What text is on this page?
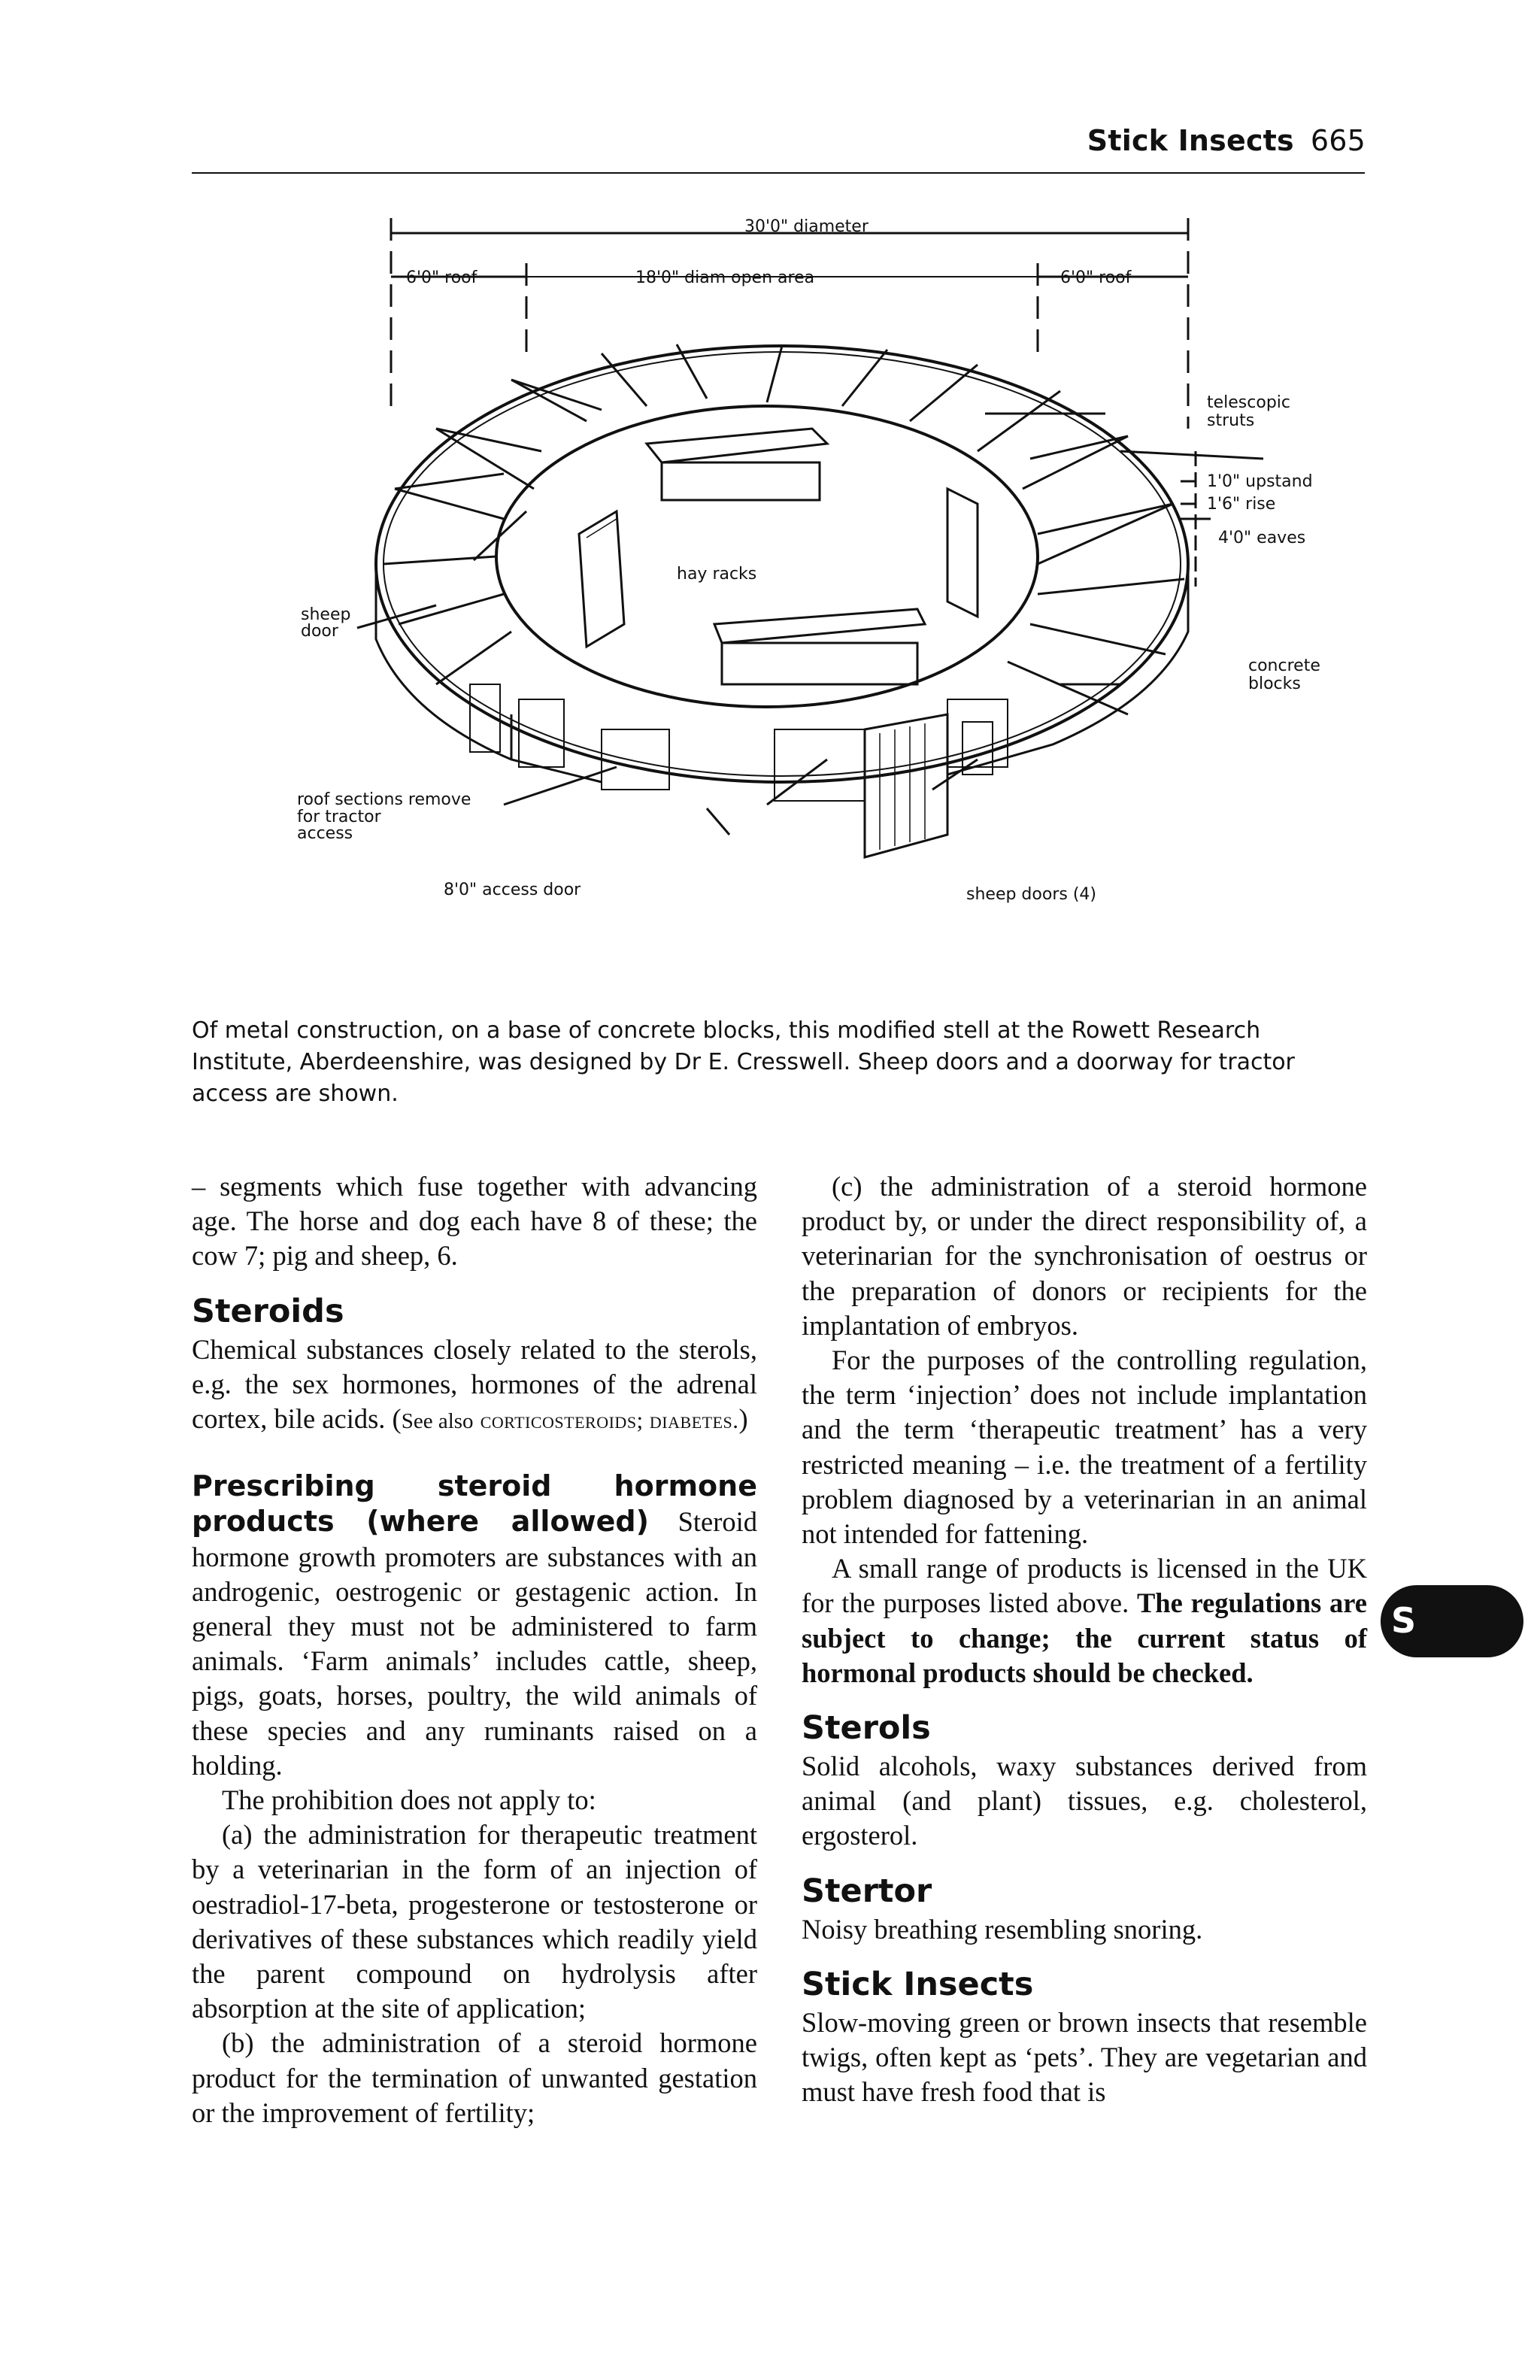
Stick Insects 665
30'0" diameter
6'0" roof	18'0" diam open area	6'0" roof
telescopic
struts
1'0" upstand
1'6" rise
4'0" eaves
sheep
door
hay racks
concrete
blocks
roof sections remove
for tractor
access
8'0" access door	sheep doors (4)
Of metal construction, on a base of concrete blocks, this modified stell at the Rowett Research Institute, Aberdeenshire, was designed by Dr E. Cresswell. Sheep doors and a doorway for tractor access are shown.

– segments which fuse together with advancing age. The horse and dog each have 8 of these; the cow 7; pig and sheep, 6.

Steroids

Chemical substances closely related to the sterols, e.g. the sex hormones, hormones of the adrenal cortex, bile acids. (See also corticosteroids; diabetes.)

Prescribing steroid hormone products (where allowed) Steroid hormone growth promoters are substances with an androgenic, oestrogenic or gestagenic action. In general they must not be administered to farm animals. ‘Farm animals’ includes cattle, sheep, pigs, goats, horses, poultry, the wild animals of these species and any ruminants raised on a holding.

The prohibition does not apply to:

(a) the administration for therapeutic treatment by a veterinarian in the form of an injection of oestradiol-17-beta, progesterone or testosterone or derivatives of these substances which readily yield the parent compound on hydrolysis after absorption at the site of application;

(b) the administration of a steroid hormone product for the termination of unwanted gestation or the improvement of fertility;

(c) the administration of a steroid hormone product by, or under the direct responsibility of, a veterinarian for the synchronisation of oestrus or the preparation of donors or recipients for the implantation of embryos.

For the purposes of the controlling regulation, the term ‘injection’ does not include implantation and the term ‘therapeutic treatment’ has a very restricted meaning – i.e. the treatment of a fertility problem diagnosed by a veterinarian in an animal not intended for fattening.

A small range of products is licensed in the UK for the purposes listed above. The regulations are subject to change; the current status of hormonal products should be checked.

Sterols

Solid alcohols, waxy substances derived from animal (and plant) tissues, e.g. cholesterol, ergosterol.

Stertor

Noisy breathing resembling snoring.

Stick Insects

Slow-moving green or brown insects that resemble twigs, often kept as ‘pets’. They are vegetarian and must have fresh food that is

S
